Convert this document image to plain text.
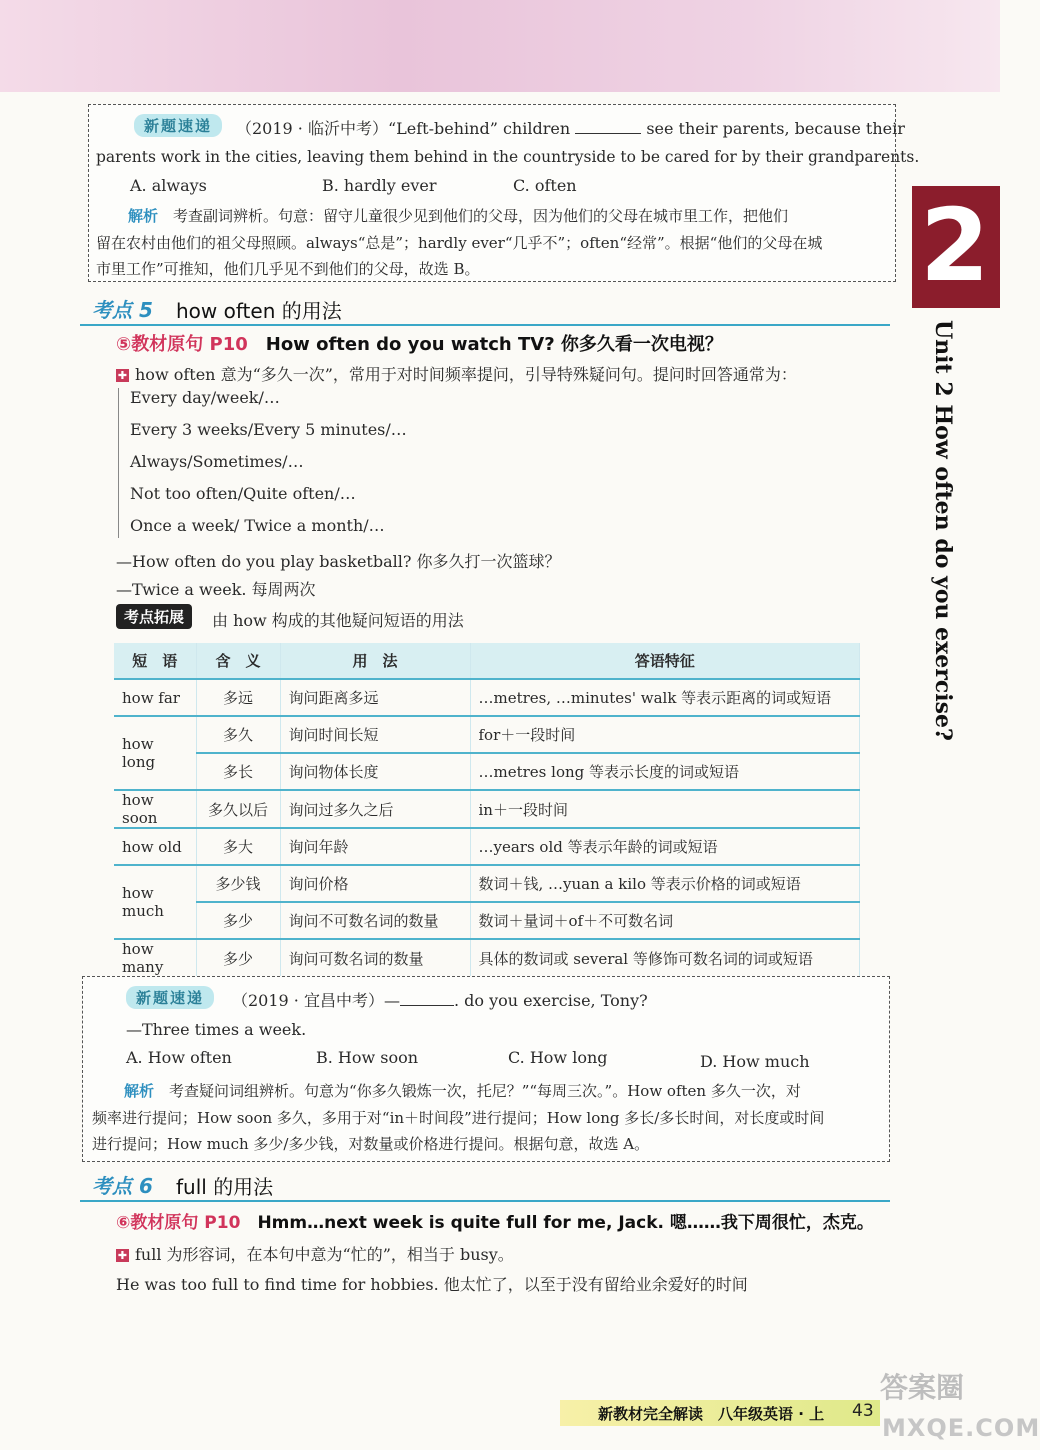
新题速递	（2019 · 临沂中考）“Left-behind” children	see their parents, because their
parents work in the cities, leaving them behind in the countryside to be cared for by their grandparents.
A. always	B. hardly ever	C. often
解析　 考查副词辨析。句意：留守儿童很少见到他们的父母，因为他们的父母在城市里工作，把他们
留在农村由他们的祖父母照顾。always“总是”；hardly ever“几乎不”；often“经常”。根据“他们的父母在城
市里工作”可推知，他们几乎见不到他们的父母，故选 B。
考点 5 how often 的用法
⑤教材原句 P10　 How often do you watch TV? 你多久看一次电视？
✚ how often 意为“多久一次”，常用于对时间频率提问，引导特殊疑问句。提问时回答通常为：
Every day/week/…
Every 3 weeks/Every 5 minutes/…
Always/Sometimes/…
Not too often/Quite often/…
Once a week/ Twice a month/…
—How often do you play basketball? 你多久打一次篮球？
—Twice a week. 每周两次
考点拓展	由 how 构成的其他疑问短语的用法
短　语	含　义	用　法	答语特征
how far	多远	询问距离多远	…metres, …minutes' walk 等表示距离的词或短语
how long	多久	询问时间长短	for＋一段时间
	多长	询问物体长度	…metres long 等表示长度的词或短语
how soon	多久以后	询问过多久之后	in＋一段时间
how old	多大	询问年龄	…years old 等表示年龄的词或短语
how much	多少钱	询问价格	数词＋钱, …yuan a kilo 等表示价格的词或短语
	多少	询问不可数名词的数量	数词＋量词＋of＋不可数名词
how many	多少	询问可数名词的数量	具体的数词或 several 等修饰可数名词的词或短语
新题速递	（2019 · 宜昌中考）—	. do you exercise, Tony?
—Three times a week.
A. How often	B. How soon	C. How long	D. How much
解析　 考查疑问词组辨析。句意为“你多久锻炼一次，托尼？”“每周三次。”。How often 多久一次，对
频率进行提问；How soon 多久，多用于对“in＋时间段”进行提问；How long 多长/多长时间，对长度或时间
进行提问；How much 多少/多少钱，对数量或价格进行提问。根据句意，故选 A。
考点 6 full 的用法
⑥教材原句 P10　 Hmm…next week is quite full for me, Jack. 嗯……我下周很忙，杰克。
✚ full 为形容词，在本句中意为“忙的”，相当于 busy。
He was too full to find time for hobbies. 他太忙了，以至于没有留给业余爱好的时间
2
Unit 2 How often do you exercise?
新教材完全解读　八年级英语 · 上 43
答案圈
MXQE.COM
